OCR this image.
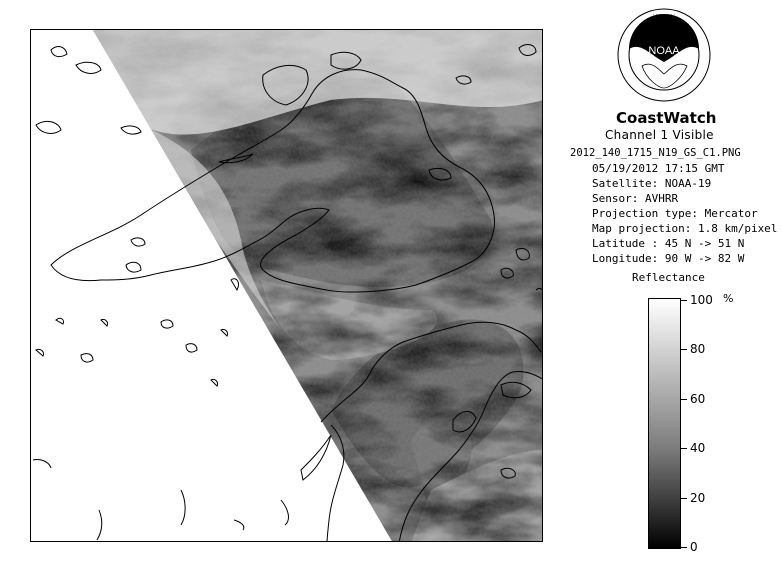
NOAA
· · · · · · · ·
CoastWatch
Channel 1 Visible
2012_140_1715_N19_GS_C1.PNG
05/19/2012 17:15 GMT
Satellite: NOAA-19
Sensor: AVHRR
Projection type: Mercator
Map projection: 1.8 km/pixel
Latitude : 45 N -> 51 N
Longitude: 90 W -> 82 W
Reflectance
%
100
80
60
40
20
0
